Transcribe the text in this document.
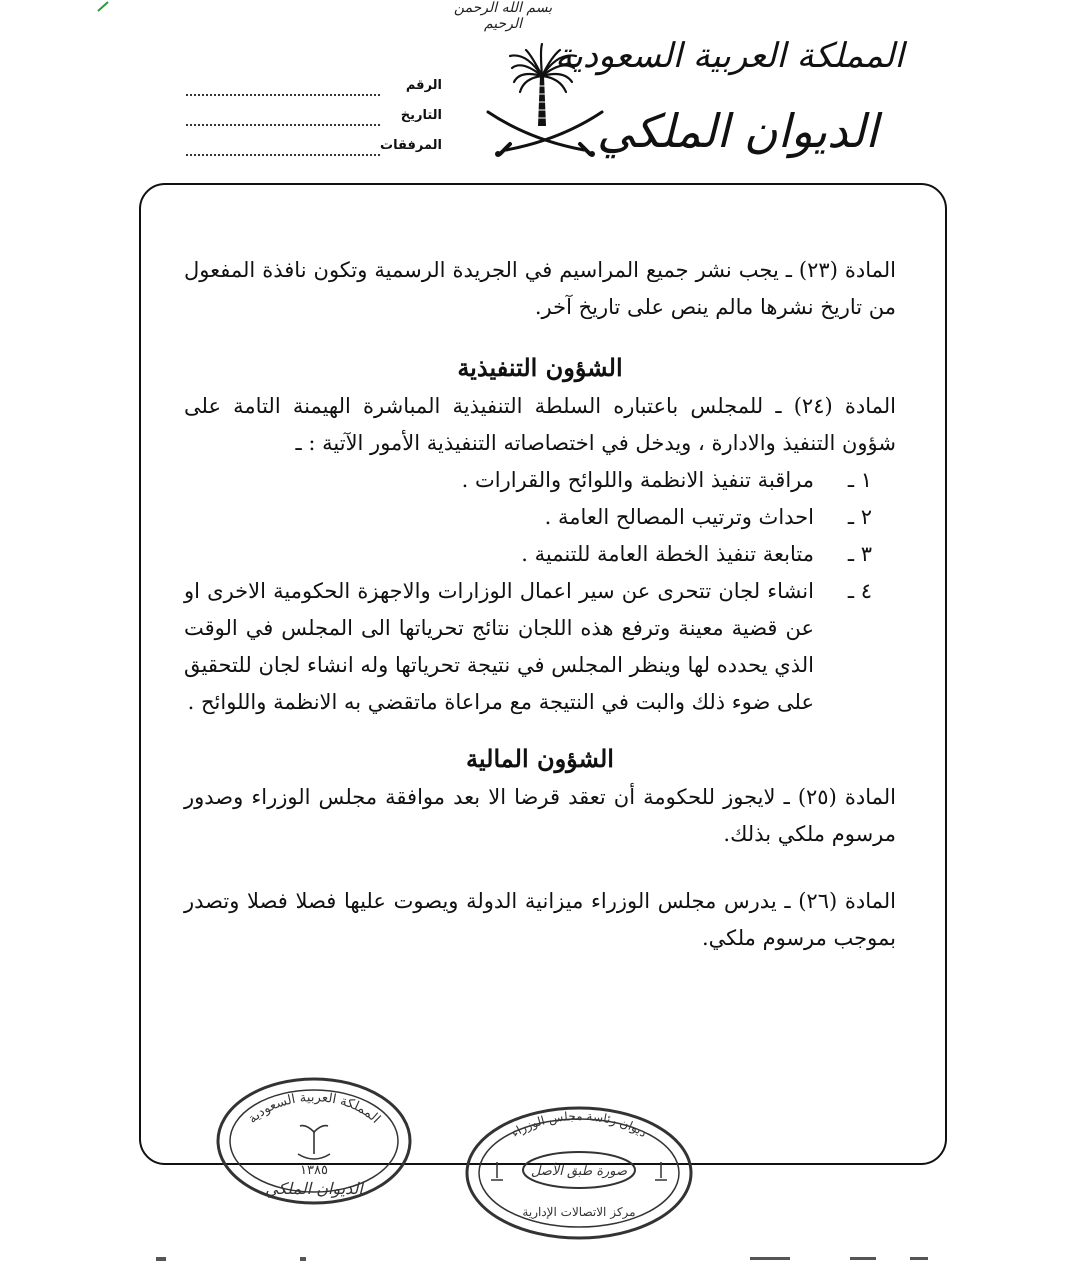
بسم الله الرحمن الرحيم
المملكة العربية السعودية
الديوان الملكي
الرقم
التاريخ
المرفقات

المادة (٢٣) ـ يجب نشر جميع المراسيم في الجريدة الرسمية وتكون نافذة المفعول من تاريخ نشرها مالم ينص على تاريخ آخر.

الشؤون التنفيذية

المادة (٢٤) ـ للمجلس باعتباره السلطة التنفيذية المباشرة الهيمنة التامة على شؤون التنفيذ والادارة ، ويدخل في اختصاصاته التنفيذية الأمور الآتية : ـ

١ ـمراقبة تنفيذ الانظمة واللوائح والقرارات .

٢ ـاحداث وترتيب المصالح العامة .

٣ ـمتابعة تنفيذ الخطة العامة للتنمية .

٤ ـ
انشاء لجان تتحرى عن سير اعمال الوزارات والاجهزة الحكومية الاخرى او عن قضية معينة وترفع هذه اللجان نتائج تحرياتها الى المجلس في الوقت الذي يحدده لها وينظر المجلس في نتيجة تحرياتها وله انشاء لجان للتحقيق على ضوء ذلك والبت في النتيجة مع مراعاة ماتقضي به الانظمة واللوائح .

الشؤون المالية

المادة (٢٥) ـ لايجوز للحكومة أن تعقد قرضا الا بعد موافقة مجلس الوزراء وصدور مرسوم ملكي بذلك.

المادة (٢٦) ـ يدرس مجلس الوزراء ميزانية الدولة ويصوت عليها فصلا فصلا وتصدر بموجب مرسوم ملكي.

المملكة العربية السعودية
١٣٨٥
الديوان الملكي
ديوان رئاسة مجلس الوزراء
صورة طبق الأصل
مركز الاتصالات الإدارية
